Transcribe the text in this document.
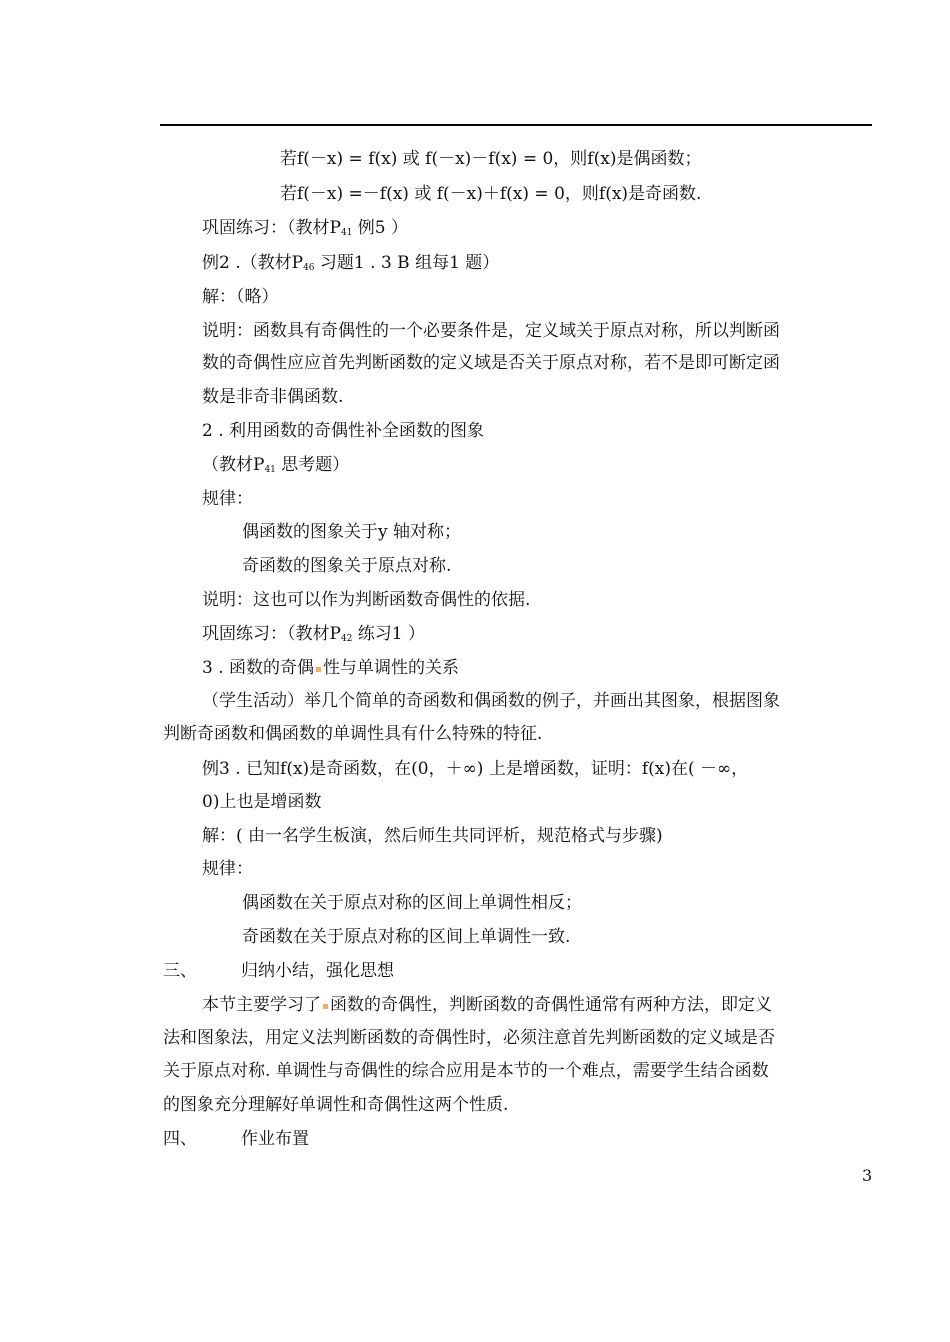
若f(－x) = f(x) 或 f(－x)－f(x) = 0，则f(x)是偶函数；
若f(－x) =－f(x) 或 f(－x)＋f(x) = 0，则f(x)是奇函数.
巩固练习：（教材$P_{41}$ 例5 ）
例2 .（教材$P_{46}$ 习题1 . 3 B 组每1 题）
解：（略）
说明：函数具有奇偶性的一个必要条件是，定义域关于原点对称，所以判断函
数的奇偶性应应首先判断函数的定义域是否关于原点对称，若不是即可断定函
数是非奇非偶函数.
2 . 利用函数的奇偶性补全函数的图象
（教材$P_{41}$ 思考题）
规律：
偶函数的图象关于y 轴对称；
奇函数的图象关于原点对称.
说明：这也可以作为判断函数奇偶性的依据.
巩固练习：（教材$P_{42}$ 练习1 ）
3 . 函数的奇偶 性与单调性的关系
（学生活动）举几个简单的奇函数和偶函数的例子，并画出其图象，根据图象
判断奇函数和偶函数的单调性具有什么特殊的特征.
例3 . 已知f(x)是奇函数，在(0，＋∞) 上是增函数，证明：f(x)在( －∞，
0)上也是增函数
解：( 由一名学生板演，然后师生共同评析，规范格式与步骤)
规律：
偶函数在关于原点对称的区间上单调性相反；
奇函数在关于原点对称的区间上单调性一致.
三、	归纳小结，强化思想
本节主要学习了 函数的奇偶性，判断函数的奇偶性通常有两种方法，即定义
法和图象法，用定义法判断函数的奇偶性时，必须注意首先判断函数的定义域是否
关于原点对称. 单调性与奇偶性的综合应用是本节的一个难点，需要学生结合函数
的图象充分理解好单调性和奇偶性这两个性质.
四、	作业布置
3
